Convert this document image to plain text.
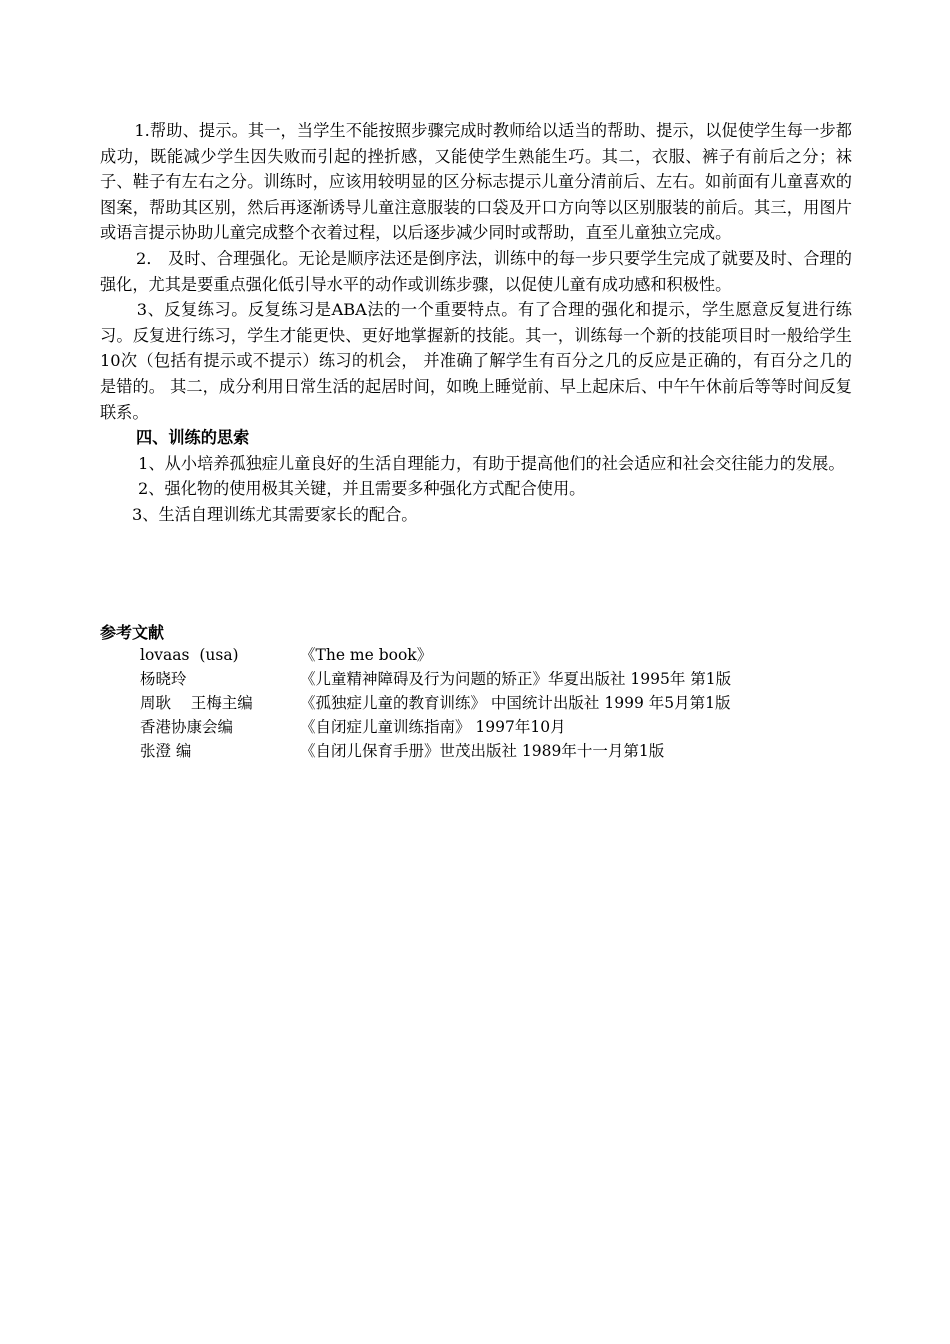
　1.帮助、提示。其一，当学生不能按照步骤完成时教师给以适当的帮助、提示，以促使学生每一步都成功，既能减少学生因失败而引起的挫折感，又能使学生熟能生巧。其二，衣服、裤子有前后之分；袜子、鞋子有左右之分。训练时，应该用较明显的区分标志提示儿童分清前后、左右。如前面有儿童喜欢的图案，帮助其区别，然后再逐渐诱导儿童注意服装的口袋及开口方向等以区别服装的前后。其三，用图片或语言提示协助儿童完成整个衣着过程，以后逐步减少同时或帮助，直至儿童独立完成。

2． 及时、合理强化。无论是顺序法还是倒序法，训练中的每一步只要学生完成了就要及时、合理的强化，尤其是要重点强化低引导水平的动作或训练步骤，以促使儿童有成功感和积极性。

　3、反复练习。反复练习是ABA法的一个重要特点。有了合理的强化和提示，学生愿意反复进行练习。反复进行练习，学生才能更快、更好地掌握新的技能。其一，训练每一个新的技能项目时一般给学生10次（包括有提示或不提示）练习的机会， 并准确了解学生有百分之几的反应是正确的，有百分之几的是错的。 其二，成分利用日常生活的起居时间，如晚上睡觉前、早上起床后、中午午休前后等等时间反复联系。

四、训练的思索

　1、从小培养孤独症儿童良好的生活自理能力，有助于提高他们的社会适应和社会交往能力的发展。

2、强化物的使用极其关键，并且需要多种强化方式配合使用。

3、生活自理训练尤其需要家长的配合。

参考文献
lovaas  (usa)	《The me book》
杨晓玲	《儿童精神障碍及行为问题的矫正》华夏出版社 1995年 第1版
周耿    王梅主编	《孤独症儿童的教育训练》 中国统计出版社 1999 年5月第1版
香港协康会编	《自闭症儿童训练指南》 1997年10月
张澄 编	《自闭儿保育手册》世茂出版社 1989年十一月第1版
